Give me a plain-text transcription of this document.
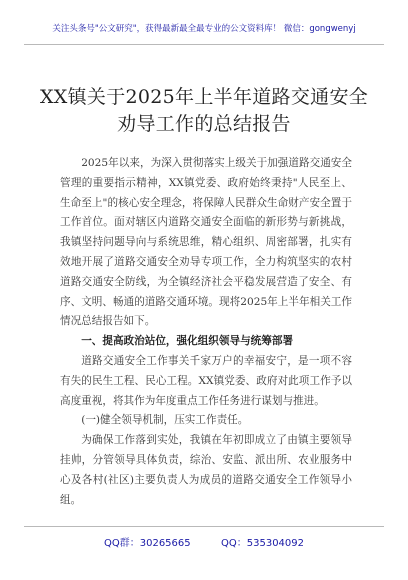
关注头条号"公文研究"，获得最新最全最专业的公文资料库！ 微信：gongwenyj
XX镇关于2025年上半年道路交通安全
劝导工作的总结报告

2025年以来，为深入贯彻落实上级关于加强道路交通安全管理的重要指示精神，XX镇党委、政府始终秉持"人民至上、生命至上"的核心安全理念，将保障人民群众生命财产安全置于工作首位。面对辖区内道路交通安全面临的新形势与新挑战，我镇坚持问题导向与系统思维，精心组织、周密部署，扎实有效地开展了道路交通安全劝导专项工作，全力构筑坚实的农村道路交通安全防线，为全镇经济社会平稳发展营造了安全、有序、文明、畅通的道路交通环境。现将2025年上半年相关工作情况总结报告如下。

一、提高政治站位，强化组织领导与统筹部署

道路交通安全工作事关千家万户的幸福安宁，是一项不容有失的民生工程、民心工程。XX镇党委、政府对此项工作予以高度重视，将其作为年度重点工作任务进行谋划与推进。

(一)健全领导机制，压实工作责任。

为确保工作落到实处，我镇在年初即成立了由镇主要领导挂帅，分管领导具体负责，综治、安监、派出所、农业服务中心及各村(社区)主要负责人为成员的道路交通安全工作领导小组。

QQ群：30265665	QQ：535304092
